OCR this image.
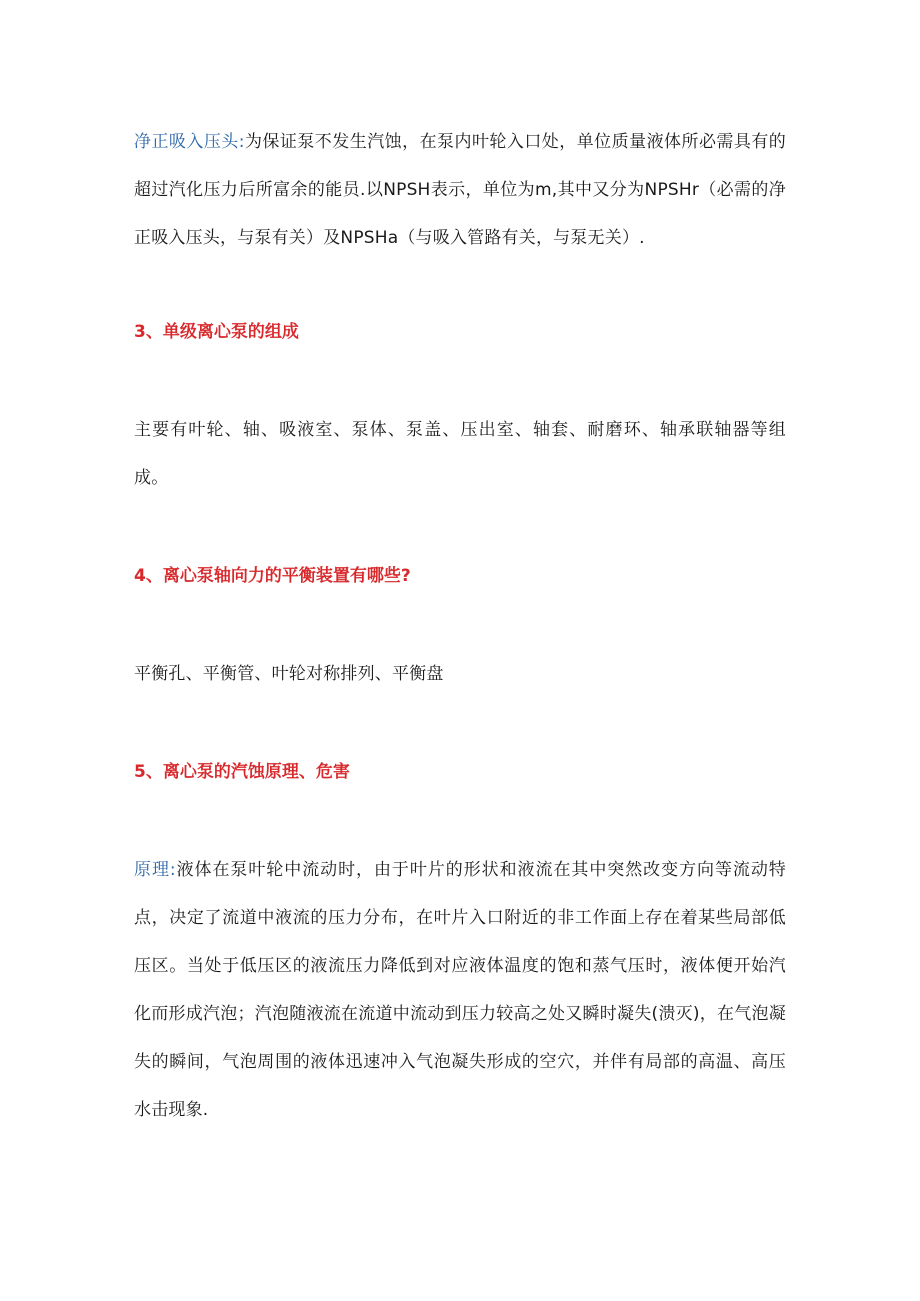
净正吸入压头:为保证泵不发生汽蚀，在泵内叶轮入口处，单位质量液体所必需具有的超过汽化压力后所富余的能员.以NPSH表示，单位为m,其中又分为NPSHr（必需的净正吸入压头，与泵有关）及NPSHa（与吸入管路有关，与泵无关）.

3、单级离心泵的组成

主要有叶轮、轴、吸液室、泵体、泵盖、压出室、轴套、耐磨环、轴承联轴器等组成。

4、离心泵轴向力的平衡装置有哪些?

平衡孔、平衡管、叶轮对称排列、平衡盘

5、离心泵的汽蚀原理、危害

原理:液体在泵叶轮中流动时，由于叶片的形状和液流在其中突然改变方向等流动特点，决定了流道中液流的压力分布，在叶片入口附近的非工作面上存在着某些局部低压区。当处于低压区的液流压力降低到对应液体温度的饱和蒸气压时，液体便开始汽化而形成汽泡；汽泡随液流在流道中流动到压力较高之处又瞬时凝失(溃灭)，在气泡凝失的瞬间，气泡周围的液体迅速冲入气泡凝失形成的空穴，并伴有局部的高温、高压水击现象.
